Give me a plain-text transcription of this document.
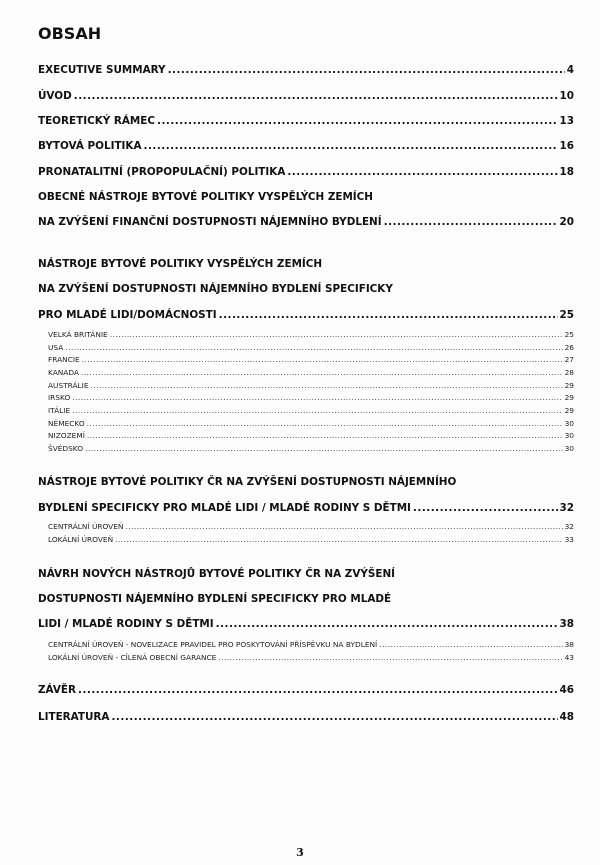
OBSAH
EXECUTIVE SUMMARY .....	4
ÚVOD .....	10
TEORETICKÝ RÁMEC .....	13
BYTOVÁ POLITIKA .....	16
PRONATALITNÍ (PROPOPULAČNÍ) POLITIKA .....	18
OBECNÉ NÁSTROJE BYTOVÉ POLITIKY VYSPĚLÝCH ZEMÍCH
NA ZVÝŠENÍ FINANČNÍ DOSTUPNOSTI NÁJEMNÍHO BYDLENÍ .....	20
NÁSTROJE BYTOVÉ POLITIKY VYSPĚLÝCH ZEMÍCH
NA ZVÝŠENÍ DOSTUPNOSTI NÁJEMNÍHO BYDLENÍ SPECIFICKY
PRO MLADÉ LIDI/DOMÁCNOSTI .....	25
VELKÁ BRITÁNIE .....	25
USA .....	26
FRANCIE .....	27
KANADA .....	28
AUSTRÁLIE .....	29
IRSKO .....	29
ITÁLIE .....	29
NĚMECKO .....	30
NIZOZEMÍ .....	30
ŠVÉDSKO .....	30
NÁSTROJE BYTOVÉ POLITIKY ČR NA ZVÝŠENÍ DOSTUPNOSTI NÁJEMNÍHO
BYDLENÍ SPECIFICKY PRO MLADÉ LIDI / MLADÉ RODINY S DĚTMI .....	32
CENTRÁLNÍ ÚROVEŇ .....	32
LOKÁLNÍ ÚROVEŇ .....	33
NÁVRH NOVÝCH NÁSTROJŮ BYTOVÉ POLITIKY ČR NA ZVÝŠENÍ
DOSTUPNOSTI NÁJEMNÍHO BYDLENÍ SPECIFICKY PRO MLADÉ
LIDI / MLADÉ RODINY S DĚTMI .....	38
CENTRÁLNÍ ÚROVEŇ - NOVELIZACE PRAVIDEL PRO POSKYTOVÁNÍ PŘÍSPĚVKU NA BYDLENÍ .....	38
LOKÁLNÍ ÚROVEŇ - CÍLENÁ OBECNÍ GARANCE .....	43
ZÁVĚR .....	46
LITERATURA .....	48
3
